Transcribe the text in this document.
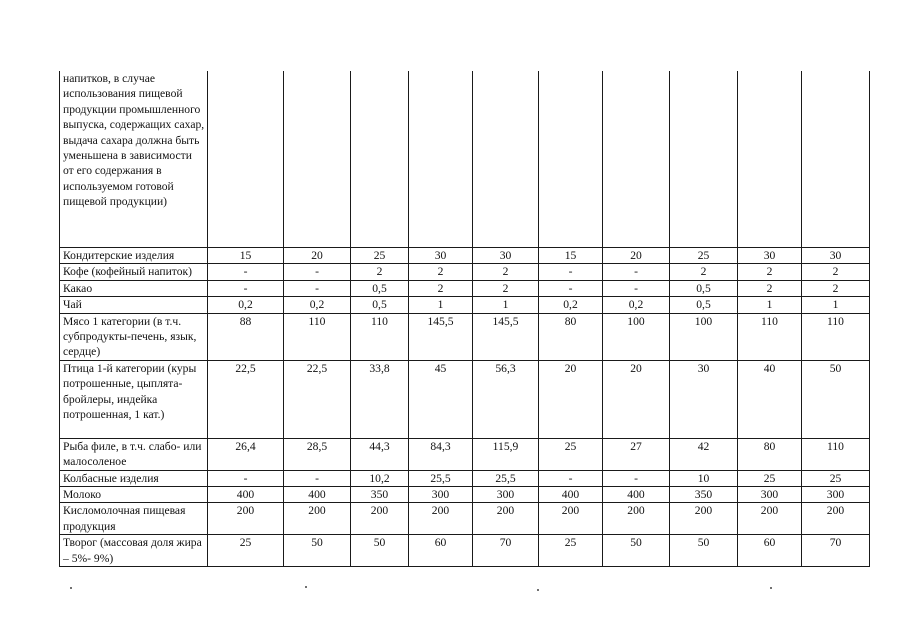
напитков, в случае использования пищевой продукции промышленного выпуска, содержащих сахар, выдача сахара должна быть уменьшена в зависимости от его содержания в используемом готовой пищевой продукции)										
Кондитерские изделия	15	20	25	30	30	15	20	25	30	30
Кофе (кофейный напиток)	-	-	2	2	2	-	-	2	2	2
Какао	-	-	0,5	2	2	-	-	0,5	2	2
Чай	0,2	0,2	0,5	1	1	0,2	0,2	0,5	1	1
Мясо 1 категории (в т.ч. субпродукты-печень, язык, сердце)	88	110	110	145,5	145,5	80	100	100	110	110
Птица 1-й категории (куры потрошенные, цыплята-бройлеры, индейка потрошенная, 1 кат.)	22,5	22,5	33,8	45	56,3	20	20	30	40	50
Рыба филе, в т.ч. слабо- или малосоленое	26,4	28,5	44,3	84,3	115,9	25	27	42	80	110
Колбасные изделия	-	-	10,2	25,5	25,5	-	-	10	25	25
Молоко	400	400	350	300	300	400	400	350	300	300
Кисломолочная пищевая продукция	200	200	200	200	200	200	200	200	200	200
Творог (массовая доля жира – 5%- 9%)	25	50	50	60	70	25	50	50	60	70
